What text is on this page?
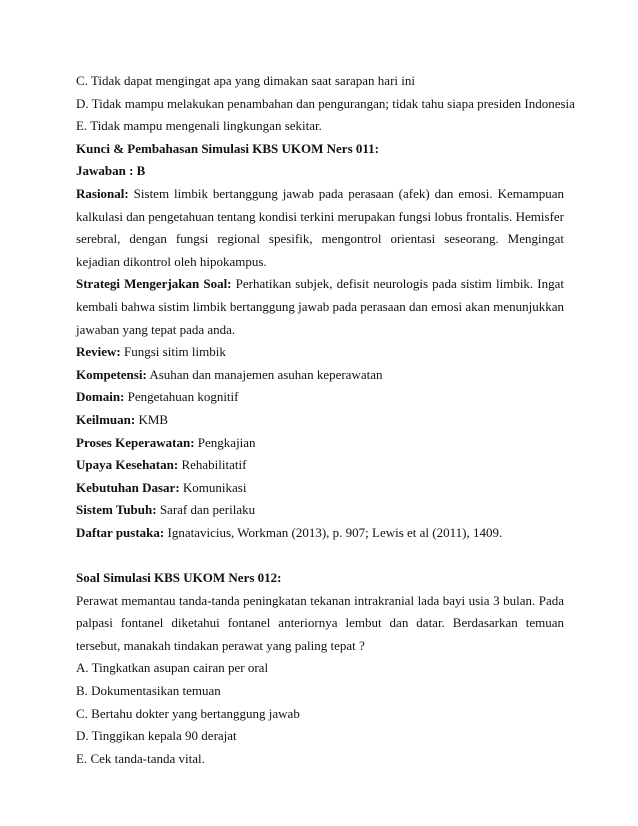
C. Tidak dapat mengingat apa yang dimakan saat sarapan hari ini

D. Tidak mampu melakukan penambahan dan pengurangan; tidak tahu siapa presiden Indonesia

E. Tidak mampu mengenali lingkungan sekitar.

Kunci & Pembahasan Simulasi KBS UKOM Ners 011:

Jawaban : B

Rasional: Sistem limbik bertanggung jawab pada perasaan (afek) dan emosi. Kemampuan kalkulasi dan pengetahuan tentang kondisi terkini merupakan fungsi lobus frontalis. Hemisfer serebral, dengan fungsi regional spesifik, mengontrol orientasi seseorang. Mengingat kejadian dikontrol oleh hipokampus.

Strategi Mengerjakan Soal: Perhatikan subjek, defisit neurologis pada sistim limbik. Ingat kembali bahwa sistim limbik bertanggung jawab pada perasaan dan emosi akan menunjukkan jawaban yang tepat pada anda.

Review: Fungsi sitim limbik

Kompetensi: Asuhan dan manajemen asuhan keperawatan

Domain: Pengetahuan kognitif

Keilmuan: KMB

Proses Keperawatan: Pengkajian

Upaya Kesehatan: Rehabilitatif

Kebutuhan Dasar: Komunikasi

Sistem Tubuh: Saraf dan perilaku

Daftar pustaka: Ignatavicius, Workman (2013), p. 907; Lewis et al (2011), 1409.

Soal Simulasi KBS UKOM Ners 012:

Perawat memantau tanda-tanda peningkatan tekanan intrakranial lada bayi usia 3 bulan. Pada palpasi fontanel diketahui fontanel anteriornya lembut dan datar. Berdasarkan temuan tersebut, manakah tindakan perawat yang paling tepat ?

A. Tingkatkan asupan cairan per oral

B. Dokumentasikan temuan

C. Bertahu dokter yang bertanggung jawab

D. Tinggikan kepala 90 derajat

E. Cek tanda-tanda vital.
